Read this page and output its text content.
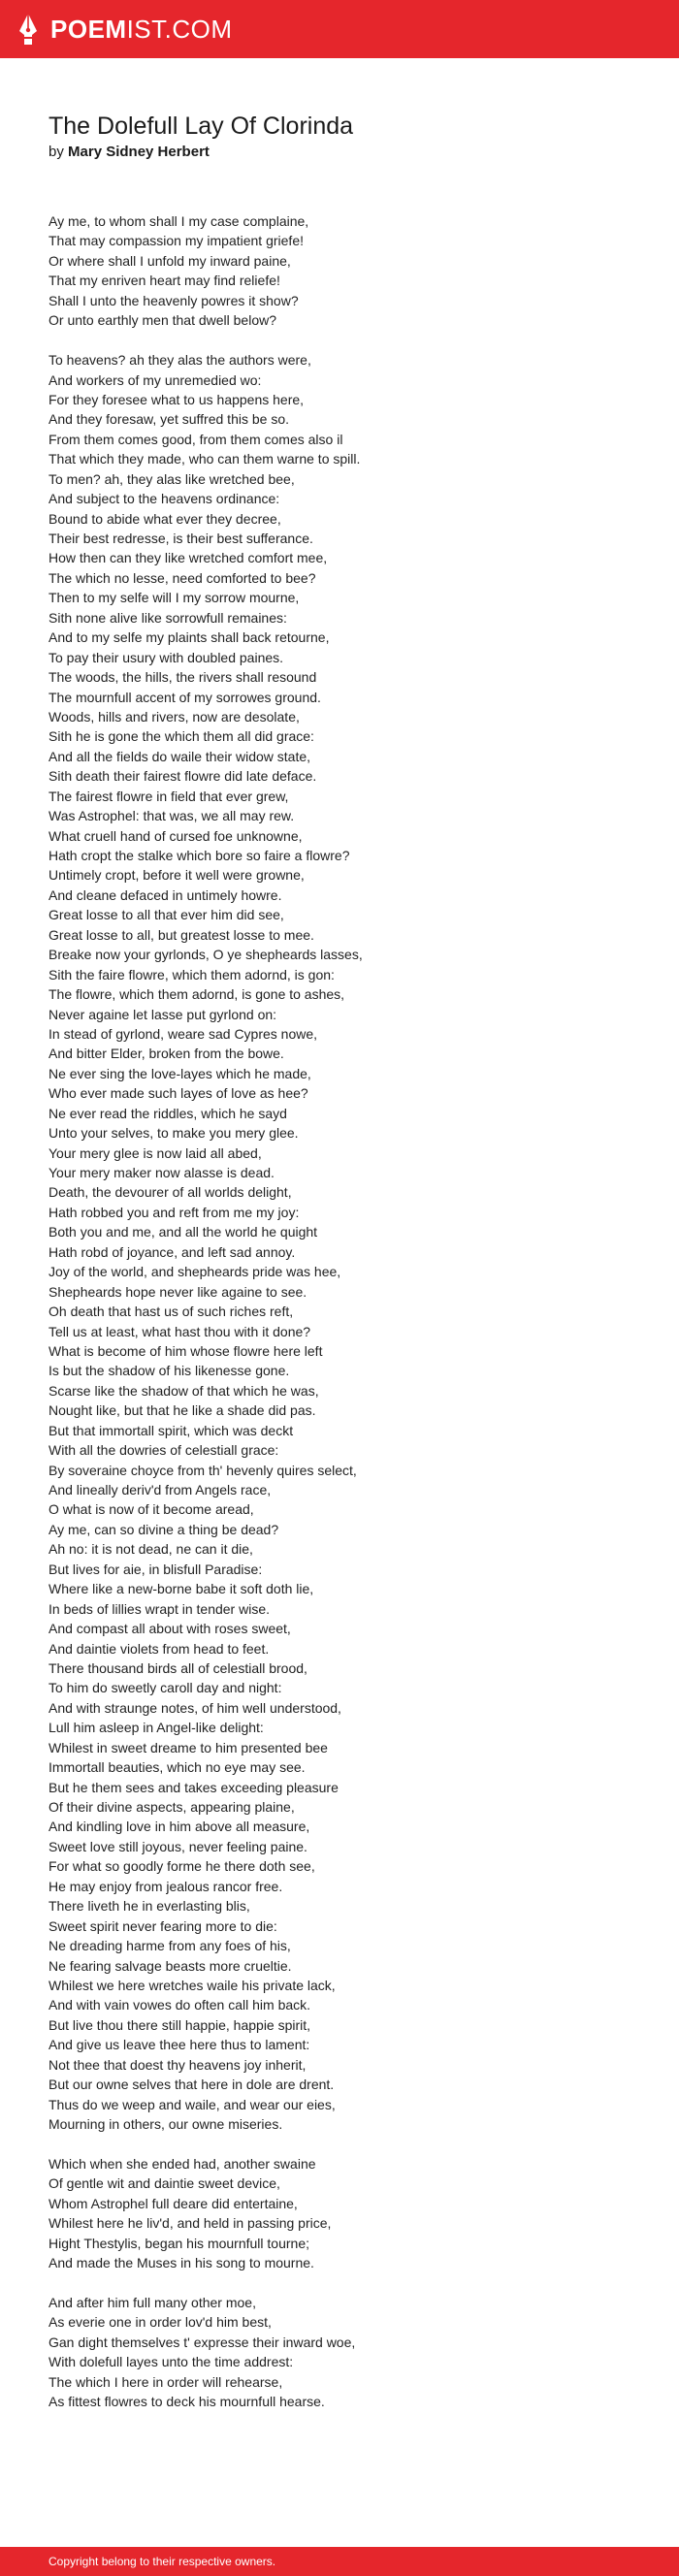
POEMIST.COM
The Dolefull Lay Of Clorinda
by Mary Sidney Herbert
Ay me, to whom shall I my case complaine,
That may compassion my impatient griefe!
Or where shall I unfold my inward paine,
That my enriven heart may find reliefe!
Shall I unto the heavenly powres it show?
Or unto earthly men that dwell below?
To heavens? ah they alas the authors were,
And workers of my unremedied wo:
For they foresee what to us happens here,
And they foresaw, yet suffred this be so.
From them comes good, from them comes also il
That which they made, who can them warne to spill.
To men? ah, they alas like wretched bee,
And subject to the heavens ordinance:
Bound to abide what ever they decree,
Their best redresse, is their best sufferance.
How then can they like wretched comfort mee,
The which no lesse, need comforted to bee?
Then to my selfe will I my sorrow mourne,
Sith none alive like sorrowfull remaines:
And to my selfe my plaints shall back retourne,
To pay their usury with doubled paines.
The woods, the hills, the rivers shall resound
The mournfull accent of my sorrowes ground.
Woods, hills and rivers, now are desolate,
Sith he is gone the which them all did grace:
And all the fields do waile their widow state,
Sith death their fairest flowre did late deface.
The fairest flowre in field that ever grew,
Was Astrophel: that was, we all may rew.
What cruell hand of cursed foe unknowne,
Hath cropt the stalke which bore so faire a flowre?
Untimely cropt, before it well were growne,
And cleane defaced in untimely howre.
Great losse to all that ever him did see,
Great losse to all, but greatest losse to mee.
Breake now your gyrlonds, O ye shepheards lasses,
Sith the faire flowre, which them adornd, is gon:
The flowre, which them adornd, is gone to ashes,
Never againe let lasse put gyrlond on:
In stead of gyrlond, weare sad Cypres nowe,
And bitter Elder, broken from the bowe.
Ne ever sing the love-layes which he made,
Who ever made such layes of love as hee?
Ne ever read the riddles, which he sayd
Unto your selves, to make you mery glee.
Your mery glee is now laid all abed,
Your mery maker now alasse is dead.
Death, the devourer of all worlds delight,
Hath robbed you and reft from me my joy:
Both you and me, and all the world he quight
Hath robd of joyance, and left sad annoy.
Joy of the world, and shepheards pride was hee,
Shepheards hope never like againe to see.
Oh death that hast us of such riches reft,
Tell us at least, what hast thou with it done?
What is become of him whose flowre here left
Is but the shadow of his likenesse gone.
Scarse like the shadow of that which he was,
Nought like, but that he like a shade did pas.
But that immortall spirit, which was deckt
With all the dowries of celestiall grace:
By soveraine choyce from th' hevenly quires select,
And lineally deriv'd from Angels race,
O what is now of it become aread,
Ay me, can so divine a thing be dead?
Ah no: it is not dead, ne can it die,
But lives for aie, in blisfull Paradise:
Where like a new-borne babe it soft doth lie,
In beds of lillies wrapt in tender wise.
And compast all about with roses sweet,
And daintie violets from head to feet.
There thousand birds all of celestiall brood,
To him do sweetly caroll day and night:
And with straunge notes, of him well understood,
Lull him asleep in Angel-like delight:
Whilest in sweet dreame to him presented bee
Immortall beauties, which no eye may see.
But he them sees and takes exceeding pleasure
Of their divine aspects, appearing plaine,
And kindling love in him above all measure,
Sweet love still joyous, never feeling paine.
For what so goodly forme he there doth see,
He may enjoy from jealous rancor free.
There liveth he in everlasting blis,
Sweet spirit never fearing more to die:
Ne dreading harme from any foes of his,
Ne fearing salvage beasts more crueltie.
Whilest we here wretches waile his private lack,
And with vain vowes do often call him back.
But live thou there still happie, happie spirit,
And give us leave thee here thus to lament:
Not thee that doest thy heavens joy inherit,
But our owne selves that here in dole are drent.
Thus do we weep and waile, and wear our eies,
Mourning in others, our owne miseries.
Which when she ended had, another swaine
Of gentle wit and daintie sweet device,
Whom Astrophel full deare did entertaine,
Whilest here he liv'd, and held in passing price,
Hight Thestylis, began his mournfull tourne;
And made the Muses in his song to mourne.
And after him full many other moe,
As everie one in order lov'd him best,
Gan dight themselves t' expresse their inward woe,
With dolefull layes unto the time addrest:
The which I here in order will rehearse,
As fittest flowres to deck his mournfull hearse.
Copyright belong to their respective owners.
